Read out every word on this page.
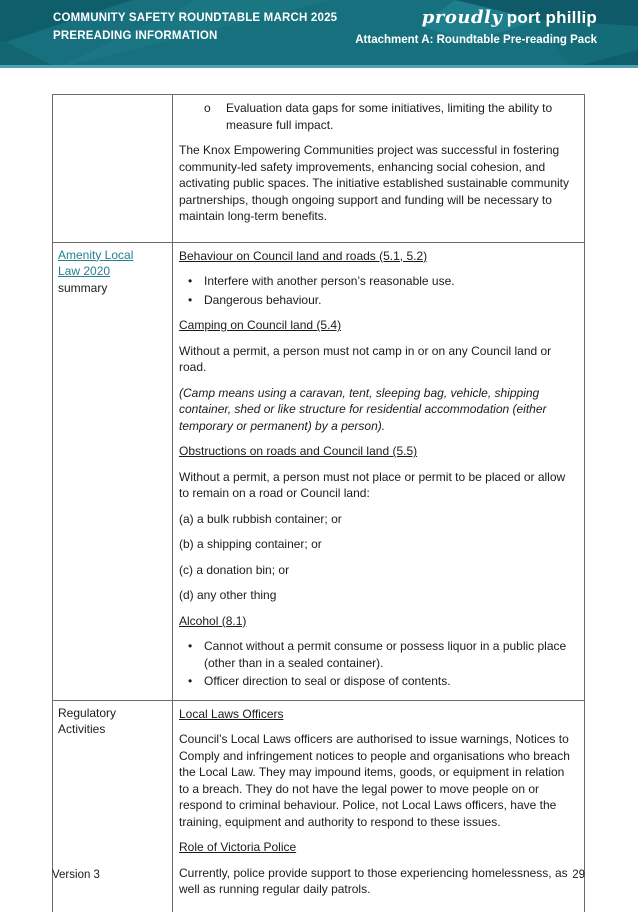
COMMUNITY SAFETY ROUNDTABLE MARCH 2025
PREREADING INFORMATION
proudly port phillip
Attachment A: Roundtable Pre-reading Pack
o	Evaluation data gaps for some initiatives, limiting the ability to measure full impact.
The Knox Empowering Communities project was successful in fostering community-led safety improvements, enhancing social cohesion, and activating public spaces. The initiative established sustainable community partnerships, though ongoing support and funding will be necessary to maintain long-term benefits.
Amenity Local Law 2020 summary
Behaviour on Council land and roads (5.1, 5.2)
• Interfere with another person’s reasonable use.
• Dangerous behaviour.
Camping on Council land (5.4)
Without a permit, a person must not camp in or on any Council land or road.
(Camp means using a caravan, tent, sleeping bag, vehicle, shipping container, shed or like structure for residential accommodation (either temporary or permanent) by a person).
Obstructions on roads and Council land (5.5)
Without a permit, a person must not place or permit to be placed or allow to remain on a road or Council land:
(a) a bulk rubbish container; or
(b) a shipping container; or
(c) a donation bin; or
(d) any other thing
Alcohol (8.1)
• Cannot without a permit consume or possess liquor in a public place (other than in a sealed container).
• Officer direction to seal or dispose of contents.
Regulatory Activities
Local Laws Officers
Council’s Local Laws officers are authorised to issue warnings, Notices to Comply and infringement notices to people and organisations who breach the Local Law. They may impound items, goods, or equipment in relation to a breach. They do not have the legal power to move people on or respond to criminal behaviour. Police, not Local Laws officers, have the training, equipment and authority to respond to these issues.
Role of Victoria Police
Currently, police provide support to those experiencing homelessness, as well as running regular daily patrols.
Version 3	29
